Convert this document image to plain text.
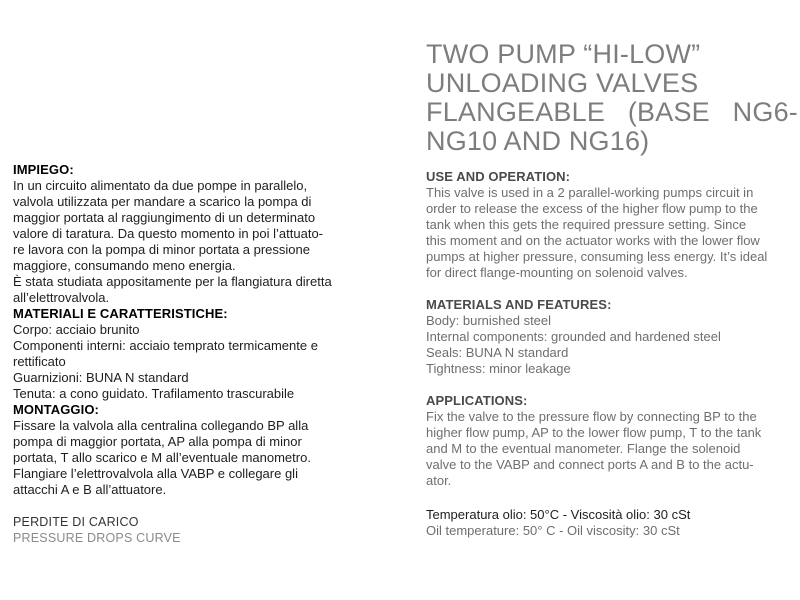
IMPIEGO:
In un circuito alimentato da due pompe in parallelo,
valvola utilizzata per mandare a scarico la pompa di
maggior portata al raggiungimento di un determinato
valore di taratura. Da questo momento in poi l’attuato-
re lavora con la pompa di minor portata a pressione
maggiore, consumando meno energia.
È stata studiata appositamente per la flangiatura diretta
all’elettrovalvola.
MATERIALI E CARATTERISTICHE:
Corpo: acciaio brunito
Componenti interni: acciaio temprato termicamente e
rettificato
Guarnizioni: BUNA N standard
Tenuta: a cono guidato. Trafilamento trascurabile
MONTAGGIO:
Fissare la valvola alla centralina collegando BP alla
pompa di maggior portata, AP alla pompa di minor
portata, T allo scarico e M all’eventuale manometro.
Flangiare l’elettrovalvola alla VABP e collegare gli
attacchi A e B all’attuatore.
PERDITE DI CARICO
PRESSURE DROPS CURVE
TWO PUMP “HI-LOW”
UNLOADING VALVES
FLANGEABLE (BASE NG6-
NG10 AND NG16)
USE AND OPERATION:
This valve is used in a 2 parallel-working pumps circuit in
order to release the excess of the higher flow pump to the
tank when this gets the required pressure setting. Since
this moment and on the actuator works with the lower flow
pumps at higher pressure, consuming less energy. It’s ideal
for direct flange-mounting on solenoid valves.
MATERIALS AND FEATURES:
Body: burnished steel
Internal components: grounded and hardened steel
Seals: BUNA N standard
Tightness: minor leakage
APPLICATIONS:
Fix the valve to the pressure flow by connecting BP to the
higher flow pump, AP to the lower flow pump, T to the tank
and M to the eventual manometer. Flange the solenoid
valve to the VABP and connect ports A and B to the actu-
ator.
Temperatura olio: 50°C - Viscosità olio: 30 cSt
Oil temperature: 50° C - Oil viscosity: 30 cSt
